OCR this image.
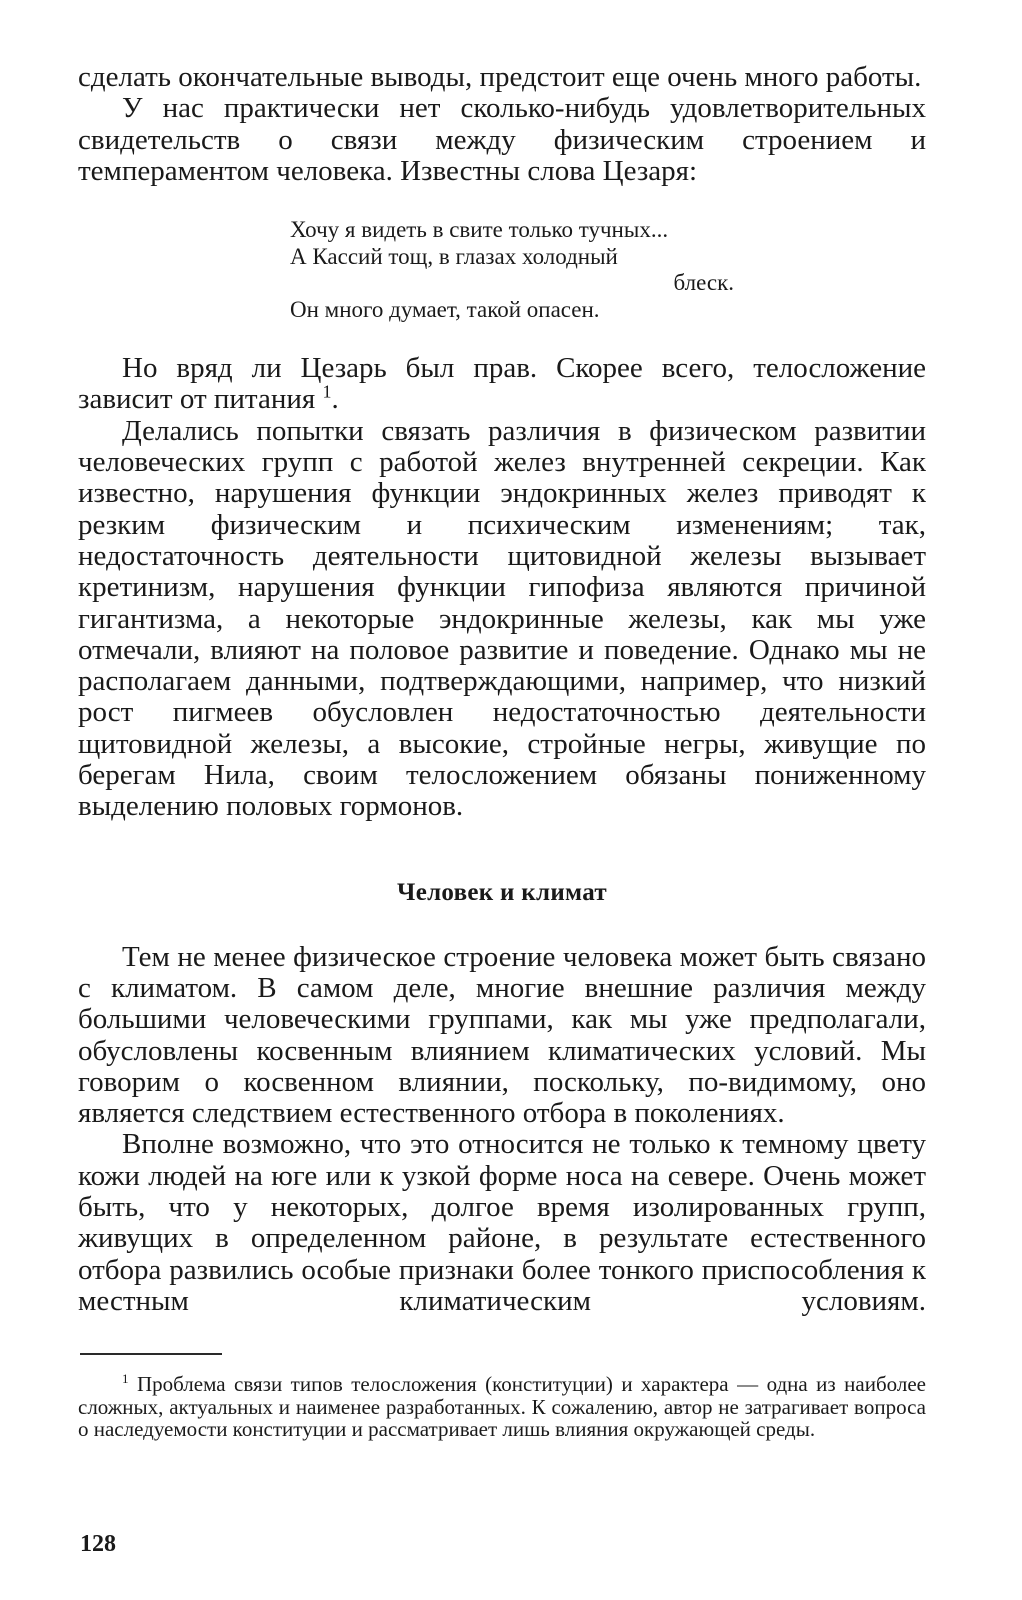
сделать окончательные выводы, предстоит еще очень много работы.

У нас практически нет сколько-нибудь удовлетворительных свидетельств о связи между физическим строением и темпераментом человека. Известны слова Цезаря:

Хочу я видеть в свите только тучных...
А Кассий тощ, в глазах холодный
блеск.
Он много думает, такой опасен.

Но вряд ли Цезарь был прав. Скорее всего, телосложение зависит от питания $^1$.

Делались попытки связать различия в физическом развитии человеческих групп с работой желез внутренней секреции. Как известно, нарушения функции эндокринных желез приводят к резким физическим и психическим изменениям; так, недостаточность деятельности щитовидной железы вызывает кретинизм, нарушения функции гипофиза являются причиной гигантизма, а некоторые эндокринные железы, как мы уже отмечали, влияют на половое развитие и поведение. Однако мы не располагаем данными, подтверждающими, например, что низкий рост пигмеев обусловлен недостаточностью деятельности щитовидной железы, а высокие, стройные негры, живущие по берегам Нила, своим телосложением обязаны пониженному выделению половых гормонов.

Человек и климат

Тем не менее физическое строение человека может быть связано с климатом. В самом деле, многие внешние различия между большими человеческими группами, как мы уже предполагали, обусловлены косвенным влиянием климатических условий. Мы говорим о косвенном влиянии, поскольку, по-видимому, оно является следствием естественного отбора в поколениях.

Вполне возможно, что это относится не только к темному цвету кожи людей на юге или к узкой форме носа на севере. Очень может быть, что у некоторых, долгое время изолированных групп, живущих в определенном районе, в результате естественного отбора развились особые признаки более тонкого приспособления к местным климатическим условиям.

$^1$ Проблема связи типов телосложения (конституции) и характера — одна из наиболее сложных, актуальных и наименее разработанных. К сожалению, автор не затрагивает вопроса о наследуемости конституции и рассматривает лишь влияния окружающей среды.

128
